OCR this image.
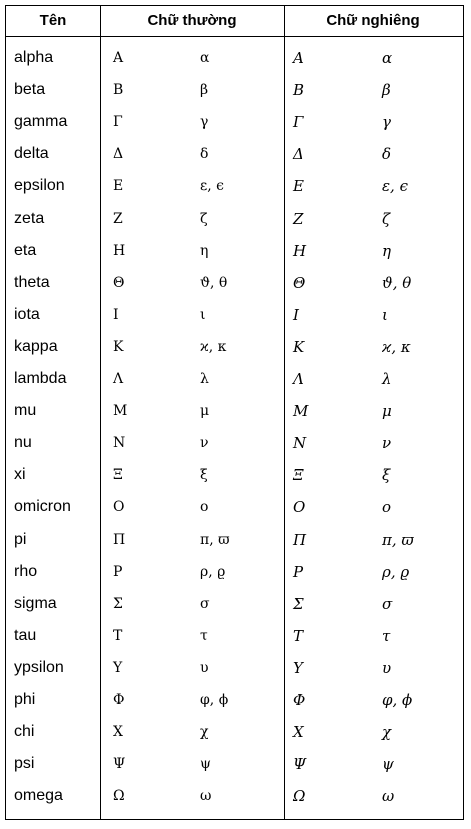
Tên	Chữ thường	Chữ nghiêng
alpha	Α	α	Α	α
beta	Β	β	Β	β
gamma	Γ	γ	Γ	γ
delta	Δ	δ	Δ	δ
epsilon	Ε	ε, ϵ	Ε	ε, ϵ
zeta	Ζ	ζ	Ζ	ζ
eta	Η	η	Η	η
theta	Θ	ϑ, θ	Θ	ϑ, θ
iota	Ι	ι	Ι	ι
kappa	Κ	ϰ, κ	Κ	ϰ, κ
lambda	Λ	λ	Λ	λ
mu	Μ	μ	Μ	μ
nu	Ν	ν	Ν	ν
xi	Ξ	ξ	Ξ	ξ
omicron	Ο	ο	Ο	ο
pi	Π	π, ϖ	Π	π, ϖ
rho	Ρ	ρ, ϱ	Ρ	ρ, ϱ
sigma	Σ	σ	Σ	σ
tau	Τ	τ	Τ	τ
ypsilon	Υ	υ	Υ	υ
phi	Φ	φ, ϕ	Φ	φ, ϕ
chi	Χ	χ	Χ	χ
psi	Ψ	ψ	Ψ	ψ
omega	Ω	ω	Ω	ω
